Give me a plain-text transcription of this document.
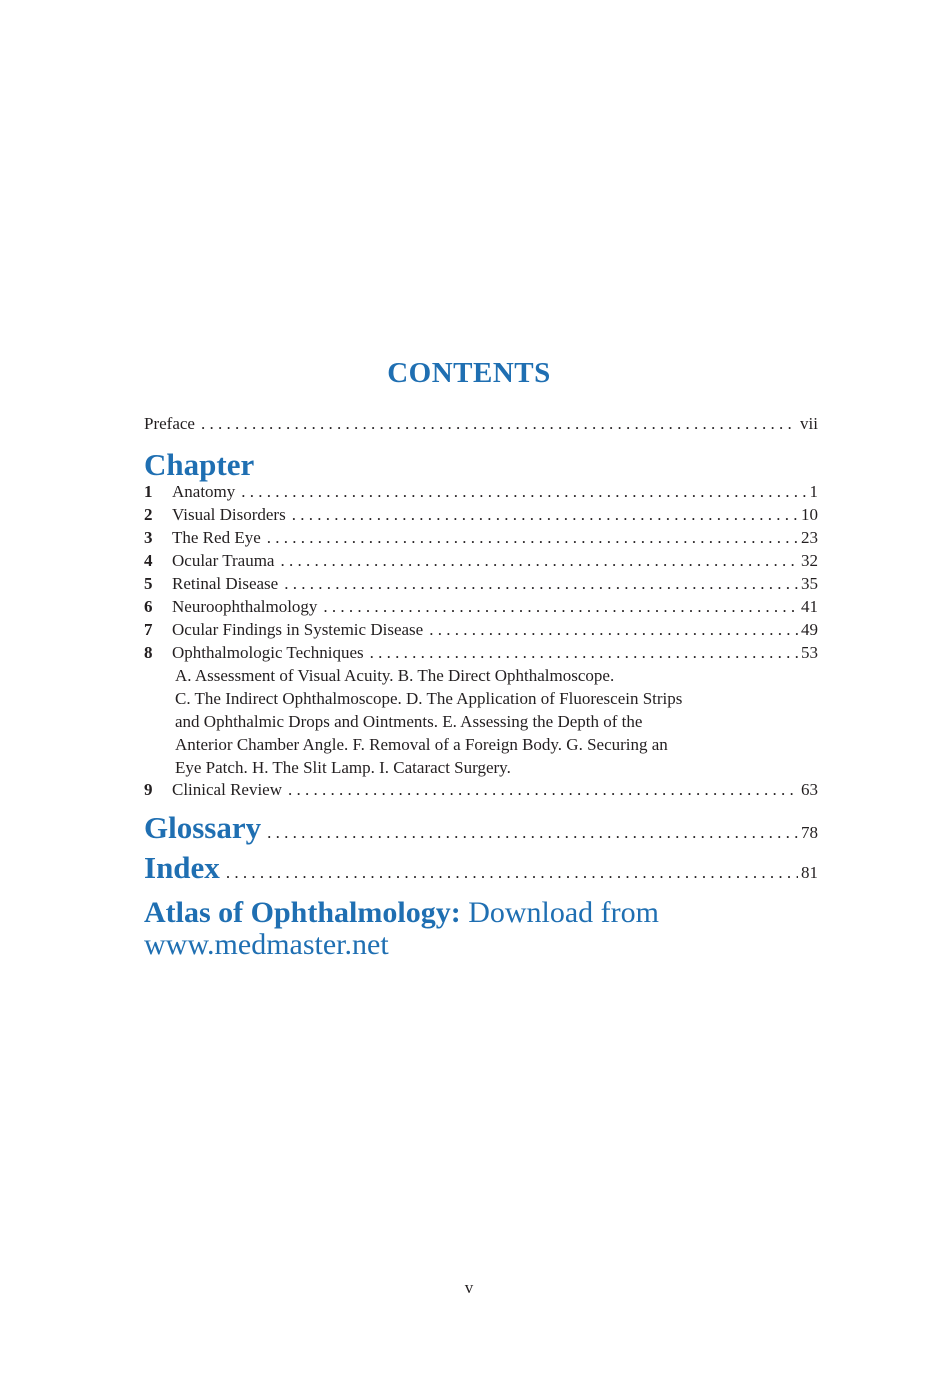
CONTENTS
Preface . . .	vii
Chapter
1	Anatomy . . .	1
2	Visual Disorders . . .	10
3	The Red Eye . . .	23
4	Ocular Trauma . . .	32
5	Retinal Disease . . .	35
6	Neuroophthalmology . . .	41
7	Ocular Findings in Systemic Disease . . .	49
8	Ophthalmologic Techniques . . .	53
A. Assessment of Visual Acuity. B. The Direct Ophthalmoscope.
C. The Indirect Ophthalmoscope. D. The Application of Fluorescein Strips
and Ophthalmic Drops and Ointments. E. Assessing the Depth of the
Anterior Chamber Angle. F. Removal of a Foreign Body. G. Securing an
Eye Patch. H. The Slit Lamp. I. Cataract Surgery.
9	Clinical Review . . .	63
Glossary . . .	78
Index . . .	81
Atlas of Ophthalmology: Download from
www.medmaster.net
v
